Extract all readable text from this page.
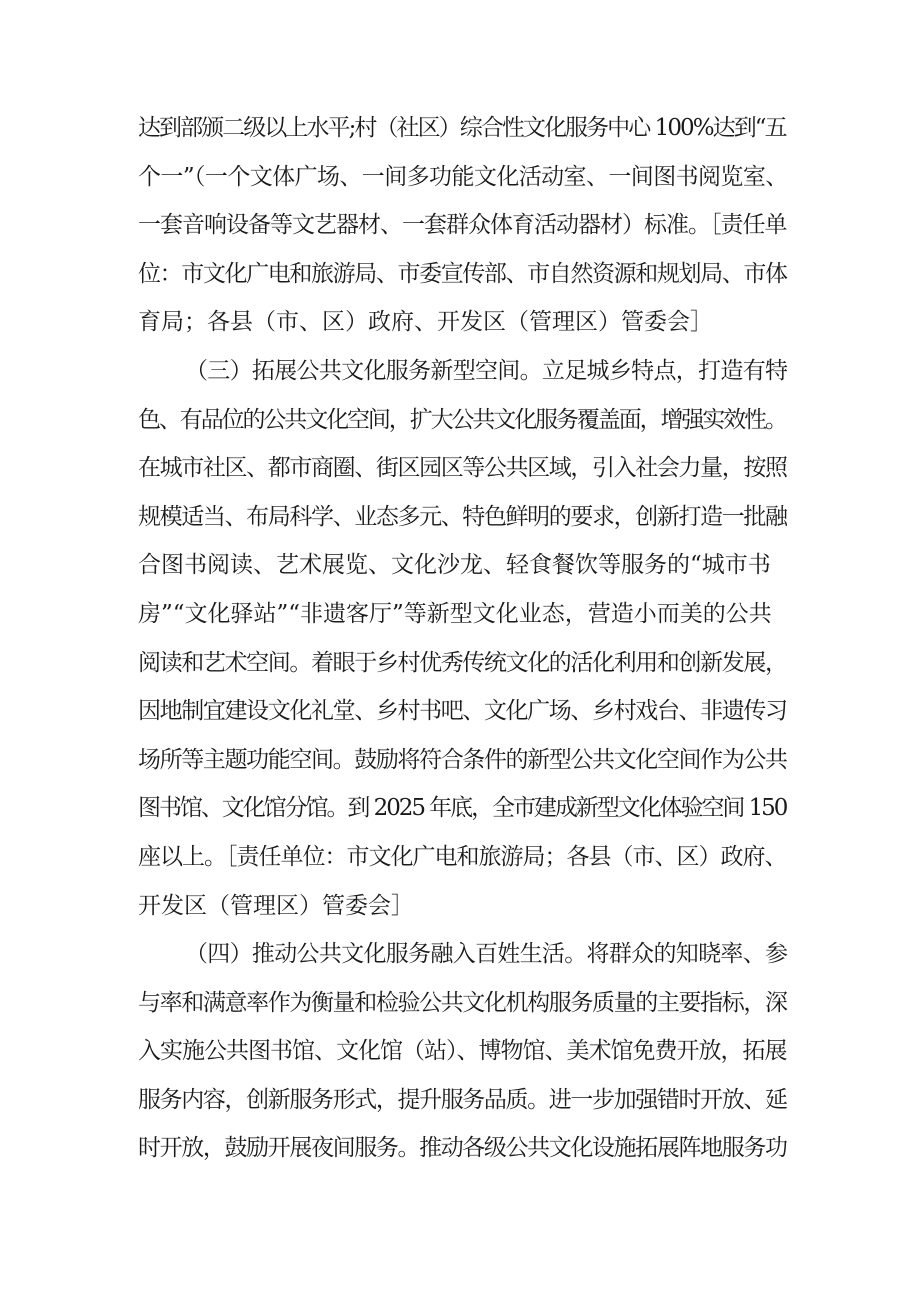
达到部颁二级以上水平;村（社区）综合性文化服务中心 100%达到“五
个一”（一个文体广场、一间多功能文化活动室、一间图书阅览室、
一套音响设备等文艺器材、一套群众体育活动器材）标准。［责任单
位：市文化广电和旅游局、市委宣传部、市自然资源和规划局、市体
育局；各县（市、区）政府、开发区（管理区）管委会］
（三）拓展公共文化服务新型空间。立足城乡特点，打造有特
色、有品位的公共文化空间，扩大公共文化服务覆盖面，增强实效性。
在城市社区、都市商圈、街区园区等公共区域，引入社会力量，按照
规模适当、布局科学、业态多元、特色鲜明的要求，创新打造一批融
合图书阅读、艺术展览、文化沙龙、轻食餐饮等服务的“城市书
房”“文化驿站”“非遗客厅”等新型文化业态，营造小而美的公共
阅读和艺术空间。着眼于乡村优秀传统文化的活化利用和创新发展，
因地制宜建设文化礼堂、乡村书吧、文化广场、乡村戏台、非遗传习
场所等主题功能空间。鼓励将符合条件的新型公共文化空间作为公共
图书馆、文化馆分馆。到 2025 年底，全市建成新型文化体验空间 150
座以上。［责任单位：市文化广电和旅游局；各县（市、区）政府、
开发区（管理区）管委会］
（四）推动公共文化服务融入百姓生活。将群众的知晓率、参
与率和满意率作为衡量和检验公共文化机构服务质量的主要指标，深
入实施公共图书馆、文化馆（站）、博物馆、美术馆免费开放，拓展
服务内容，创新服务形式，提升服务品质。进一步加强错时开放、延
时开放，鼓励开展夜间服务。推动各级公共文化设施拓展阵地服务功
